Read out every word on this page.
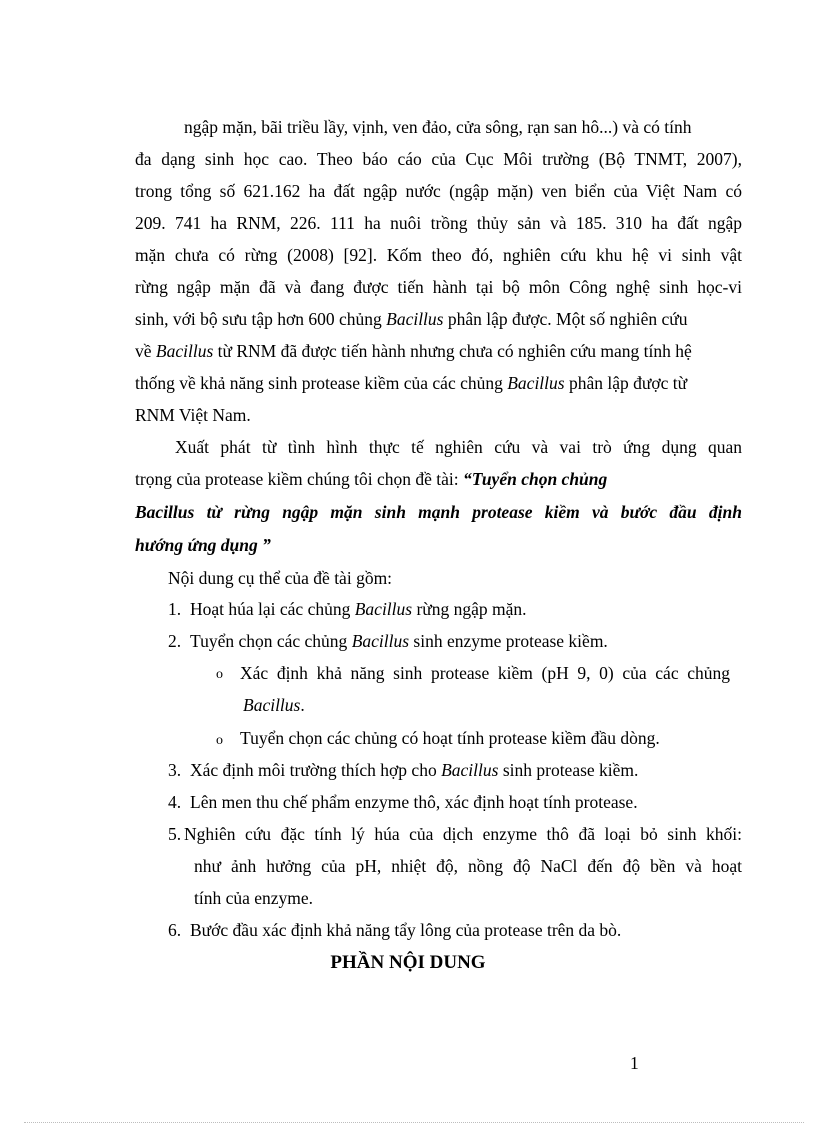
ngập mặn, bãi triều lầy, vịnh, ven đảo, cửa sông, rạn san hô...) và có tính
đa dạng sinh học cao. Theo báo cáo của Cục Môi trường (Bộ TNMT, 2007),
trong tổng số 621.162 ha đất ngập nước (ngập mặn) ven biển của Việt Nam có
209. 741 ha RNM, 226. 111 ha nuôi trồng thủy sản và 185. 310 ha đất ngập
mặn chưa có rừng (2008) [92]. Kốm theo đó, nghiên cứu khu hệ vi sinh vật
rừng ngập mặn đã và đang được tiến hành tại bộ môn Công nghệ sinh học-vi
sinh, với bộ sưu tập hơn 600 chủng Bacillus phân lập được. Một số nghiên cứu
về Bacillus từ RNM đã được tiến hành nhưng chưa có nghiên cứu mang tính hệ
thống về khả năng sinh protease kiềm của các chủng Bacillus phân lập được từ
RNM Việt Nam.
Xuất phát từ tình hình thực tế nghiên cứu và vai trò ứng dụng quan
trọng của protease kiềm chúng tôi chọn đề tài: “Tuyển chọn chủng
Bacillus từ rừng ngập mặn sinh mạnh protease kiềm và bước đầu định
hướng ứng dụng ”
Nội dung cụ thể của đề tài gồm:
1. Hoạt húa lại các chủng Bacillus rừng ngập mặn.
2. Tuyển chọn các chủng Bacillus sinh enzyme protease kiềm.
o Xác định khả năng sinh protease kiềm (pH 9, 0) của các chủng
Bacillus.
o Tuyển chọn các chủng có hoạt tính protease kiềm đầu dòng.
3. Xác định môi trường thích hợp cho Bacillus sinh protease kiềm.
4. Lên men thu chế phẩm enzyme thô, xác định hoạt tính protease.
5. Nghiên cứu đặc tính lý húa của dịch enzyme thô đã loại bỏ sinh khối:
như ảnh hưởng của pH, nhiệt độ, nồng độ NaCl đến độ bền và hoạt
tính của enzyme.
6. Bước đầu xác định khả năng tẩy lông của protease trên da bò.
PHẦN NỘI DUNG
1
